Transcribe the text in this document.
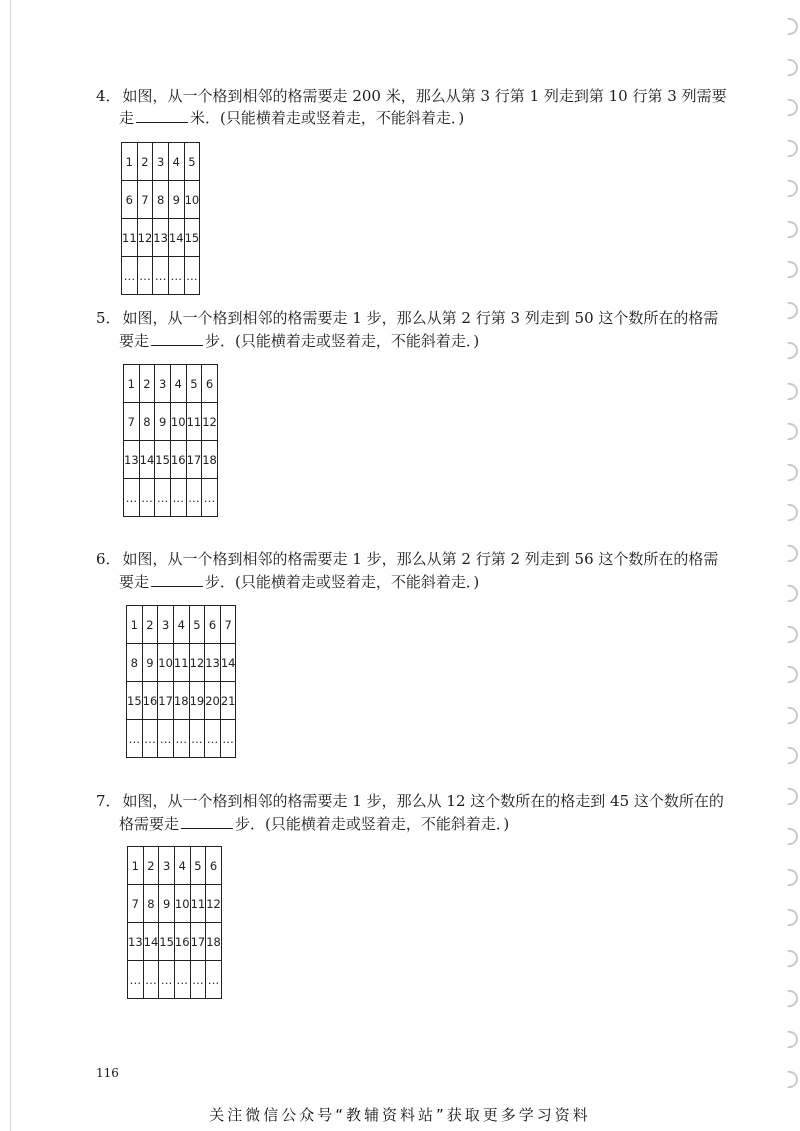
4． 如图，从一个格到相邻的格需要走 200 米，那么从第 3 行第 1 列走到第 10 行第 3 列需要
走	米．(只能横着走或竖着走，不能斜着走．)
1	2	3	4	5
6	7	8	9	10
11	12	13	14	15
…	…	…	…	…
5． 如图，从一个格到相邻的格需要走 1 步，那么从第 2 行第 3 列走到 50 这个数所在的格需
要走	步．(只能横着走或竖着走，不能斜着走．)
1	2	3	4	5	6
7	8	9	10	11	12
13	14	15	16	17	18
…	…	…	…	…	…
6． 如图，从一个格到相邻的格需要走 1 步，那么从第 2 行第 2 列走到 56 这个数所在的格需
要走	步．(只能横着走或竖着走，不能斜着走．)
1	2	3	4	5	6	7
8	9	10	11	12	13	14
15	16	17	18	19	20	21
…	…	…	…	…	…	…
7． 如图，从一个格到相邻的格需要走 1 步，那么从 12 这个数所在的格走到 45 这个数所在的
格需要走	步．(只能横着走或竖着走，不能斜着走．)
1	2	3	4	5	6
7	8	9	10	11	12
13	14	15	16	17	18
…	…	…	…	…	…
116
关注微信公众号“教辅资料站”获取更多学习资料
